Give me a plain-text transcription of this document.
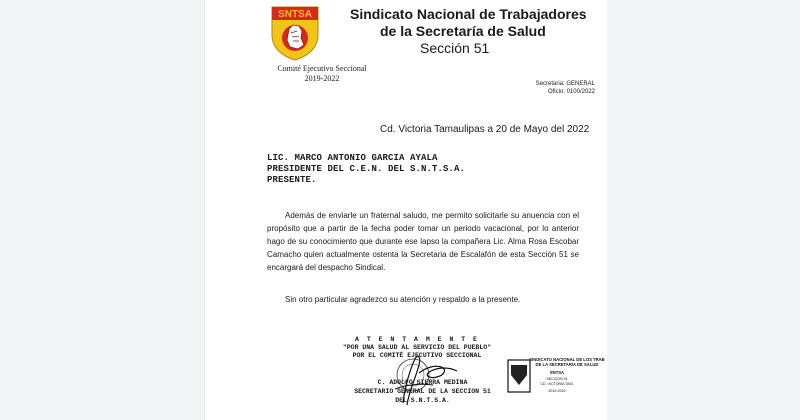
SNTSA	Sindicato Nacional de Trabajadores
de la Secretaría de Salud
Sección 51
Comité Ejecutivo Seccional
2019-2022
Secretaria: GENERAL
Oficio: 0100/2022
Cd. Victoria Tamaulipas a 20 de Mayo del 2022
LIC. MARCO ANTONIO GARCIA AYALA
PRESIDENTE DEL C.E.N. DEL S.N.T.S.A.
PRESENTE.

Además de enviarle un fraternal saludo, me permito solicitarle su anuencia con el propósito que a partir de la fecha poder tomar un periodo vacacional, por lo anterior hago de su conocimiento que durante ese lapso la compañera Lic. Alma Rosa Escobar Camacho quien actualmente ostenta la Secretaria de Escalafón de esta Sección 51 se encargará del despacho Sindical.

Sin otro particular agradezco su atención y respaldo a la presente.

A T E N T A M E N T E
"POR UNA SALUD AL SERVICIO DEL PUEBLO"
POR EL COMITÉ EJECUTIVO SECCIONAL
C. ADOLFO SIERRA MEDINA
SECRETARIO GENERAL DE LA SECCION 51
DEL S.N.T.S.A.
SINDICATO NACIONAL DE LOS TRAB
DE LA SECRETARIA DE SALUD
SNTSA
SECCION 51
CD. VICTORIA TAM.
2019-2022
